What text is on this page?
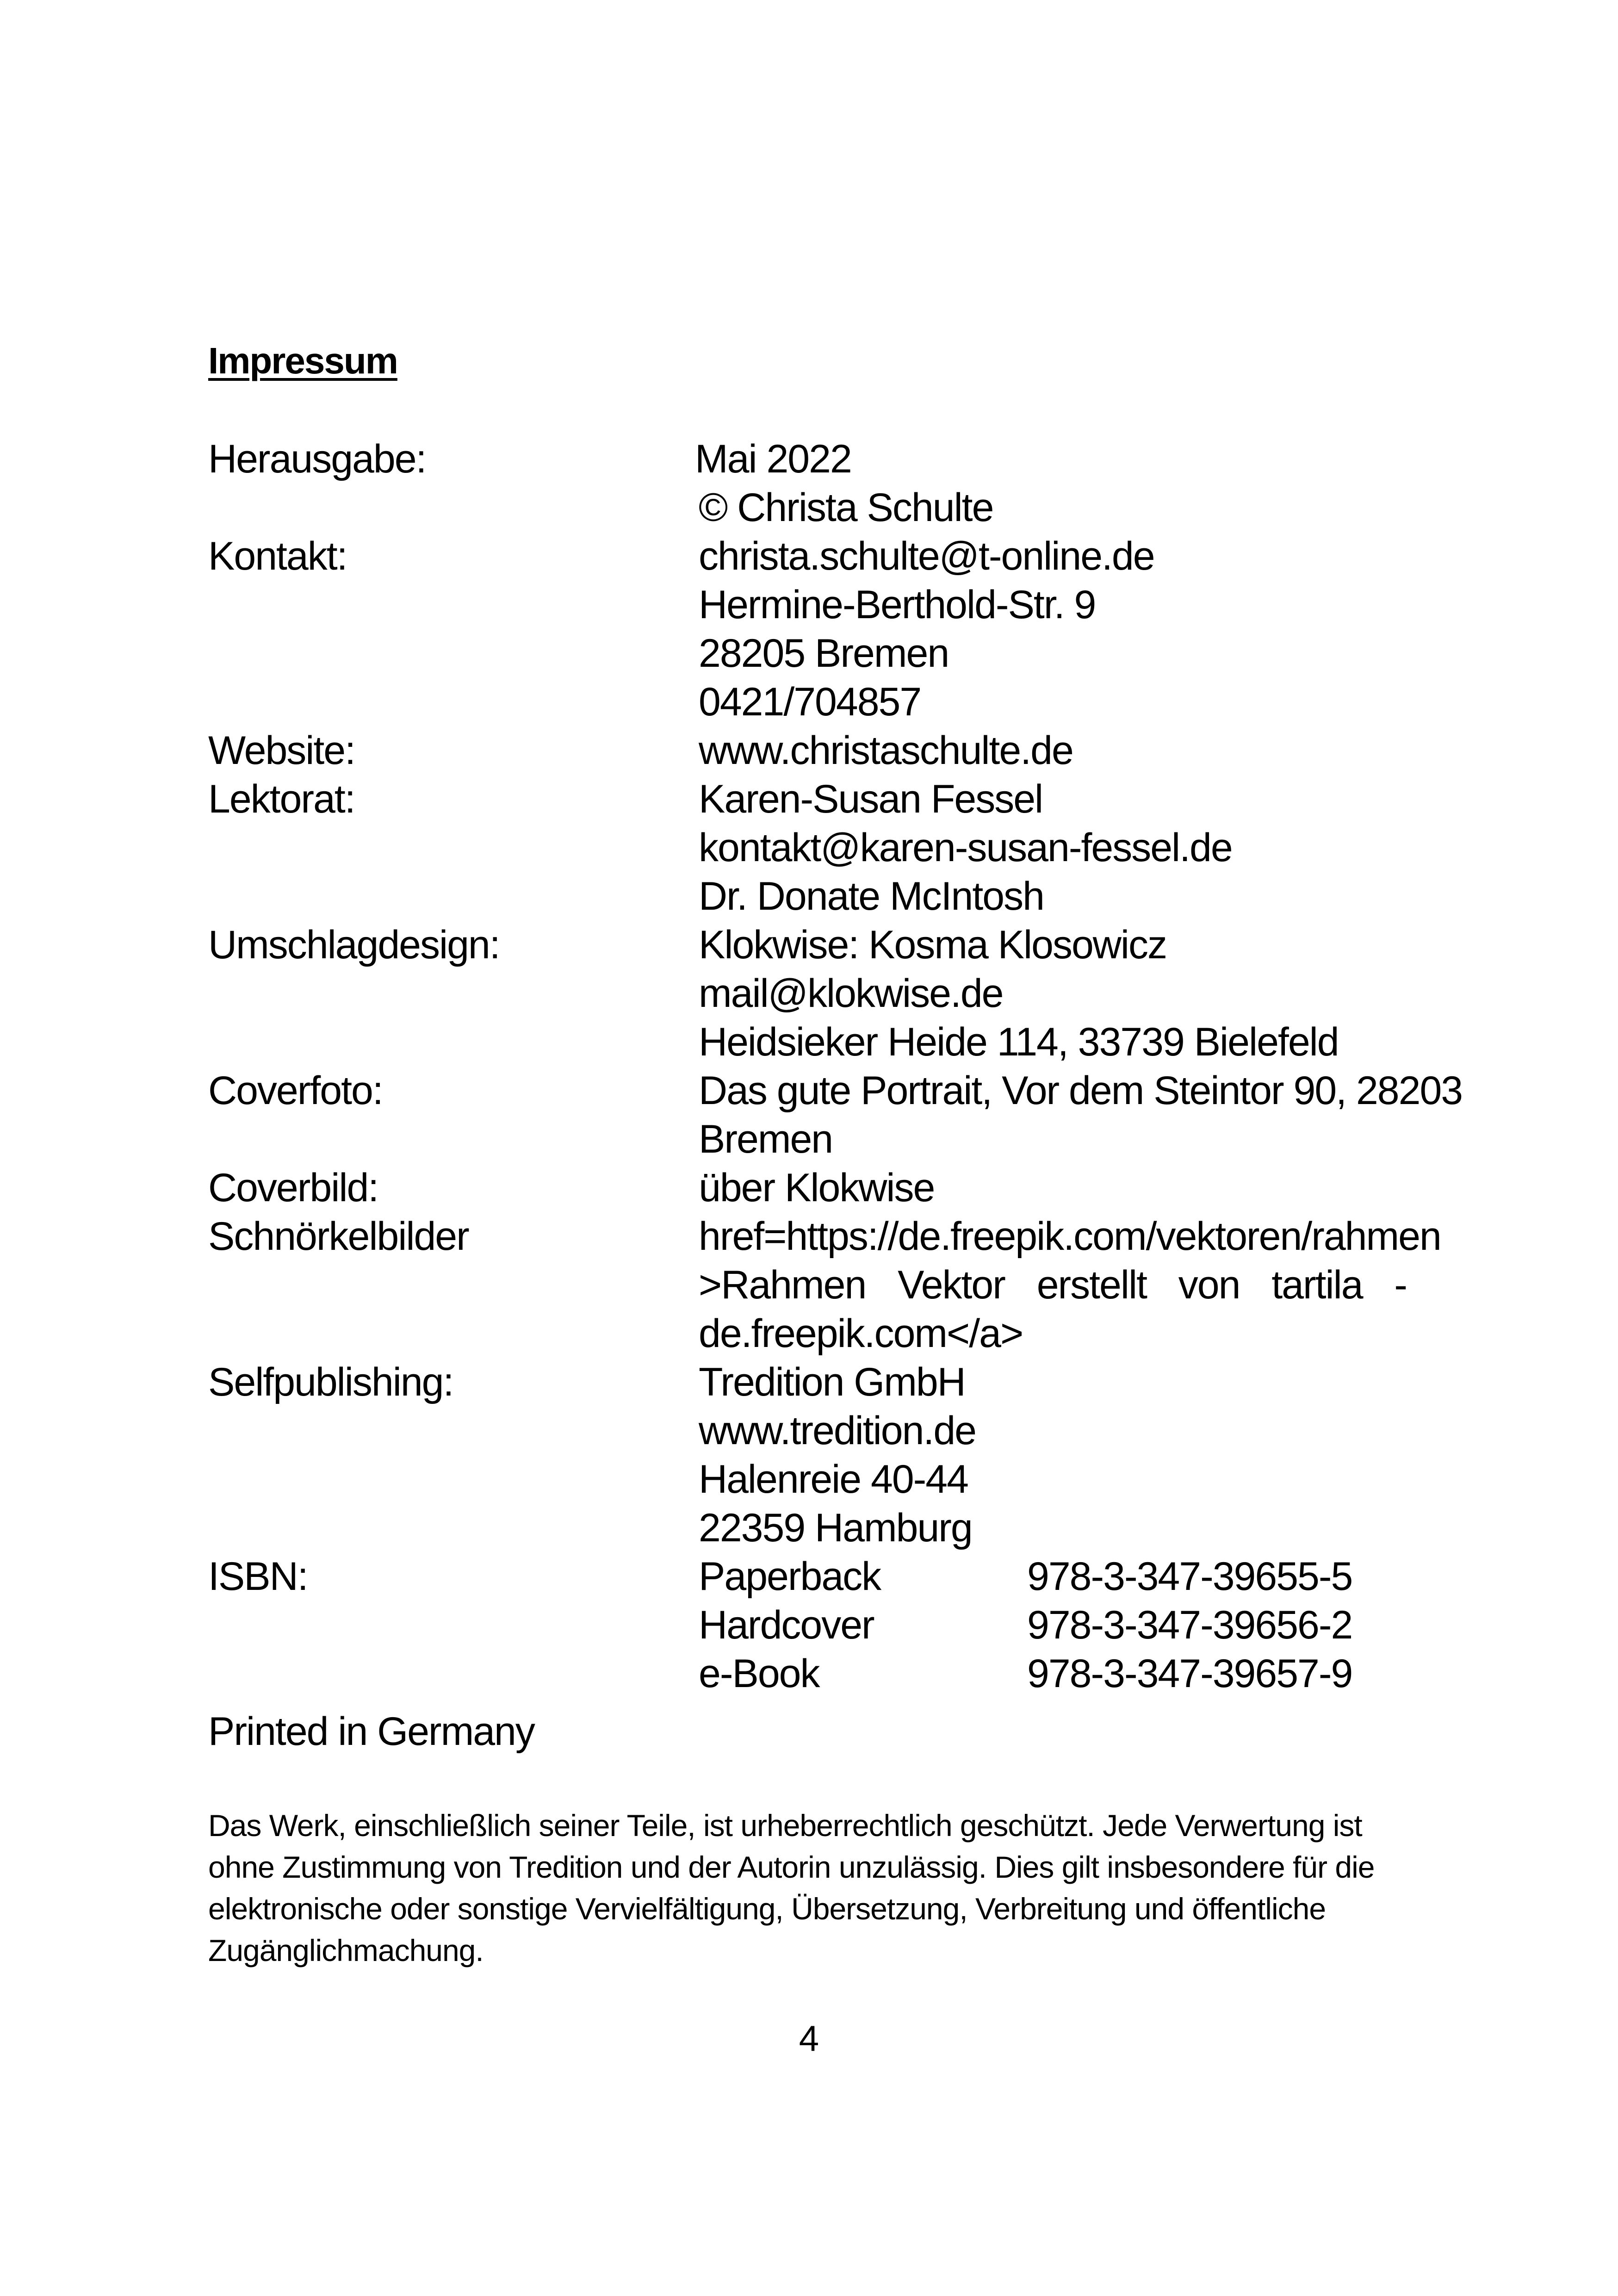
Impressum
Herausgabe:	Mai 2022
© Christa Schulte
Kontakt:	christa.schulte@t-online.de
Hermine-Berthold-Str. 9
28205 Bremen
0421/704857
Website:	www.christaschulte.de
Lektorat:	Karen-Susan Fessel
kontakt@karen-susan-fessel.de
Dr. Donate McIntosh
Umschlagdesign:	Klokwise: Kosma Klosowicz
mail@klokwise.de
Heidsieker Heide 114, 33739 Bielefeld
Coverfoto:	Das gute Portrait, Vor dem Steintor 90, 28203
Bremen
Coverbild:	über Klokwise
Schnörkelbilder	href=https://de.freepik.com/vektoren/rahmen
>Rahmen Vektor erstellt von tartila -
de.freepik.com</a>
Selfpublishing:	Tredition GmbH
www.tredition.de
Halenreie 40-44
22359 Hamburg
ISBN:	Paperback	978-3-347-39655-5
Hardcover	978-3-347-39656-2
e-Book	978-3-347-39657-9
Printed in Germany
Das Werk, einschließlich seiner Teile, ist urheberrechtlich geschützt. Jede Verwertung ist ohne Zustimmung von Tredition und der Autorin unzulässig. Dies gilt insbesondere für die elektronische oder sonstige Vervielfältigung, Übersetzung, Verbreitung und öffentliche Zugänglichmachung.
4
